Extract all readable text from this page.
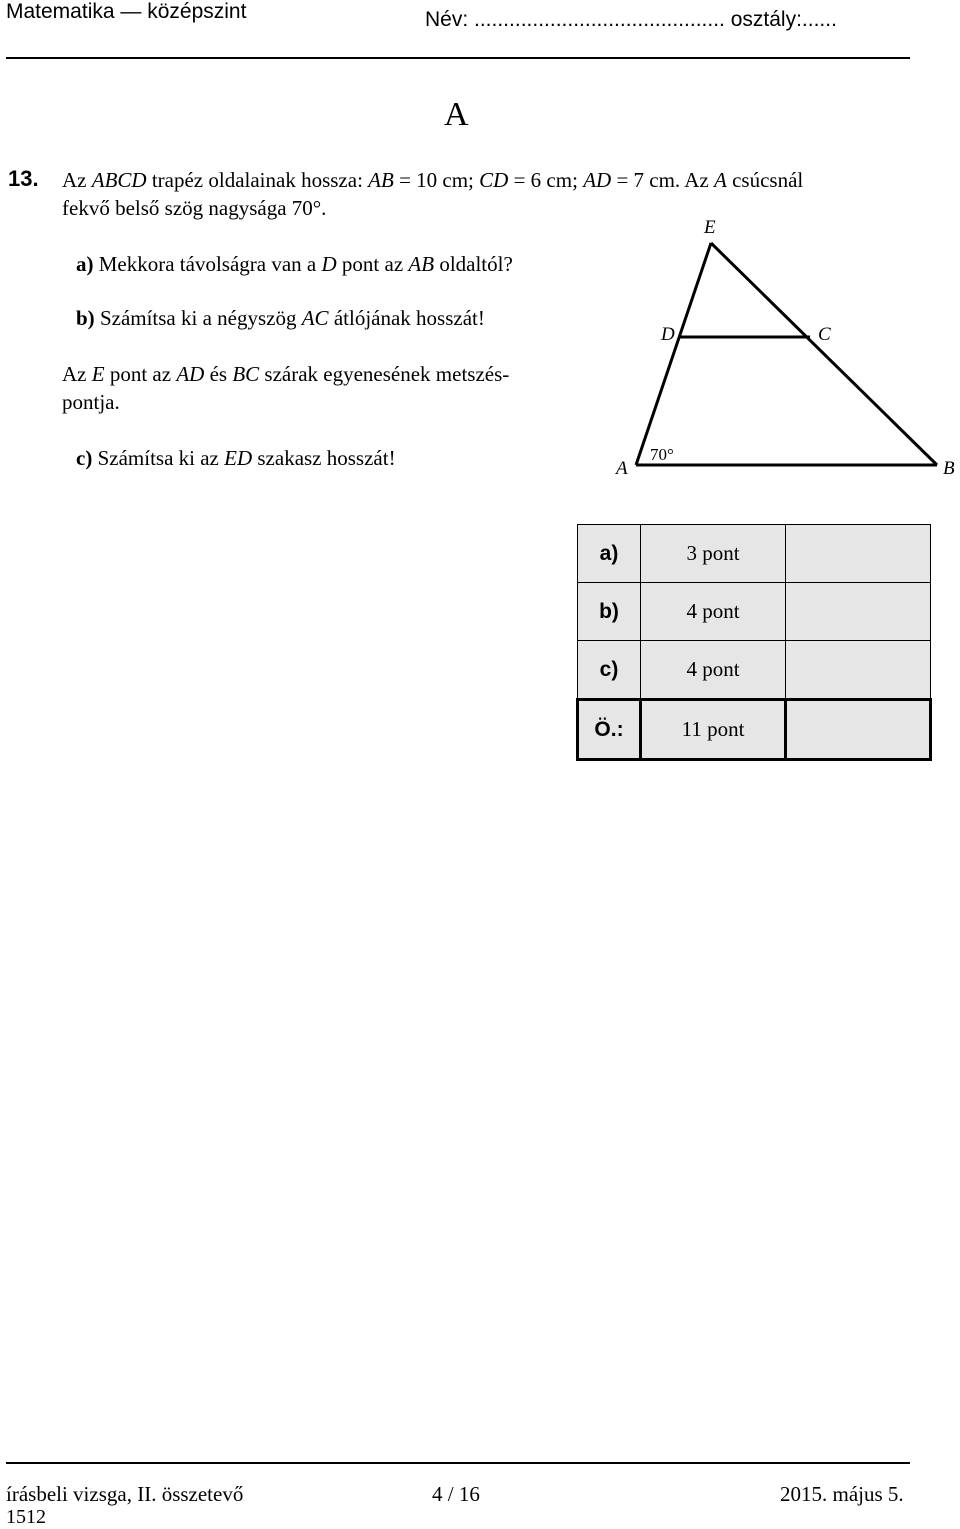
Matematika — középszint	Név: ........................................... osztály:......
A
13. Az ABCD trapéz oldalainak hossza: AB = 10 cm; CD = 6 cm; AD = 7 cm. Az A csúcsnál
fekvő belső szög nagysága 70°.
a) Mekkora távolságra van a D pont az AB oldaltól?
b) Számítsa ki a négyszög AC átlójának hosszát!
Az E pont az AD és BC szárak egyenesének metszés-
pontja.
c) Számítsa ki az ED szakasz hosszát!
E
D	C
A	B
70°
a)	3 pont	
b)	4 pont	
c)	4 pont	
Ö.:	11 pont	
írásbeli vizsga, II. összetevő	4 / 16	2015. május 5.
1512
